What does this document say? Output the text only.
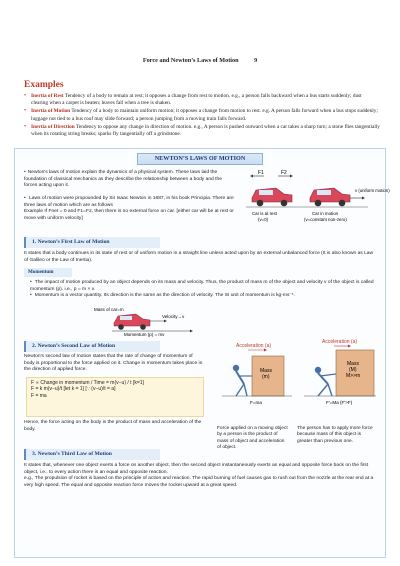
Force and Newton’s Laws of Motion	9
Examples
• Inertia of Rest Tendency of a body to remain at rest; it opposes a change from rest to motion. e.g., a person falls backward when a bus starts suddenly; dust clearing when a carpet is beaten; leaves fall when a tree is shaken.
• Inertia of Motion Tendency of a body to maintain uniform motion; it opposes a change from motion to rest. e.g. A person falls forward when a bus stops suddenly; luggage not tied to a bus roof may slide forward; a person jumping from a moving train falls forward.
• Inertia of Direction Tendency to oppose any change in direction of motion. e.g., A person is pushed outward when a car takes a sharp turn; a stone flies tangentially when its rotating string breaks; sparks fly tangentially off a grindstone.
NEWTON’S LAWS OF MOTION
• Newton's laws of motion explain the dynamics of a physical system. These laws laid the foundation of classical mechanics as they describe the relationship between a body and the forces acting upon it.
• Laws of motion were propounded by Sir Isaac Newton in 1687, in his book Principia. There are three laws of motion which are as follows
Example If Fnet = 0 and F1=F2, then there is no external force on car. [either car will be at rest or move with uniform velocity]
F1	F2
v (uniform motion)
Car is at rest
(v=0)
Car in motion
(v=constant non-zero)
1. Newton’s First Law of Motion
It states that a body continues in its state of rest or of uniform motion in a straight line unless acted upon by an external unbalanced force (It is also known as Law of Galileo or the Law of Inertia).
Momentum
• The impact of motion produced by an object depends on its mass and velocity. Thus, the product of mass m of the object and velocity v of the object is called momentum (p). i.e., p = m × v.
• Momentum is a vector quantity. Its direction is the same as the direction of velocity. The SI unit of momentum is kg-ms⁻¹.
Mass of car=m
Velocity→v
Momentum (p) = mv
2. Newton’s Second Law of Motion
Newton's second law of motion states that the rate of change of momentum of body is proportional to the force applied on it. Change in momentum takes place in the direction of applied force.
F ∝ Change in momentum / Time = m(v−u) / t [k=1]
F = k m(v−u)/t [let k = 1] [∵ (v−u)/t = a]
F = ma
Hence, the force acting on the body is the product of mass and acceleration of the body.
Acceleration (a)
Mass
(m)
F=ma
Acceleration (a)
Mass
(M)
M>>m
F'=Ma (F'>F)
Force applied on a moving object by a person is the product of mass of object and acceleration of object.
The person has to apply more force because mass of this object is greater than previous one.
3. Newton’s Third Law of Motion
It states that, whenever one object exerts a force on another object, then the second object instantaneously exerts an equal and opposite force back on the first object, i.e., to every action there is an equal and opposite reaction.
e.g., The propulsion of rocket is based on the principle of action and reaction. The rapid burning of fuel causes gas to rush out from the nozzle at the rear end at a very high speed. The equal and opposite reaction force moves the rocket upward at a great speed.
